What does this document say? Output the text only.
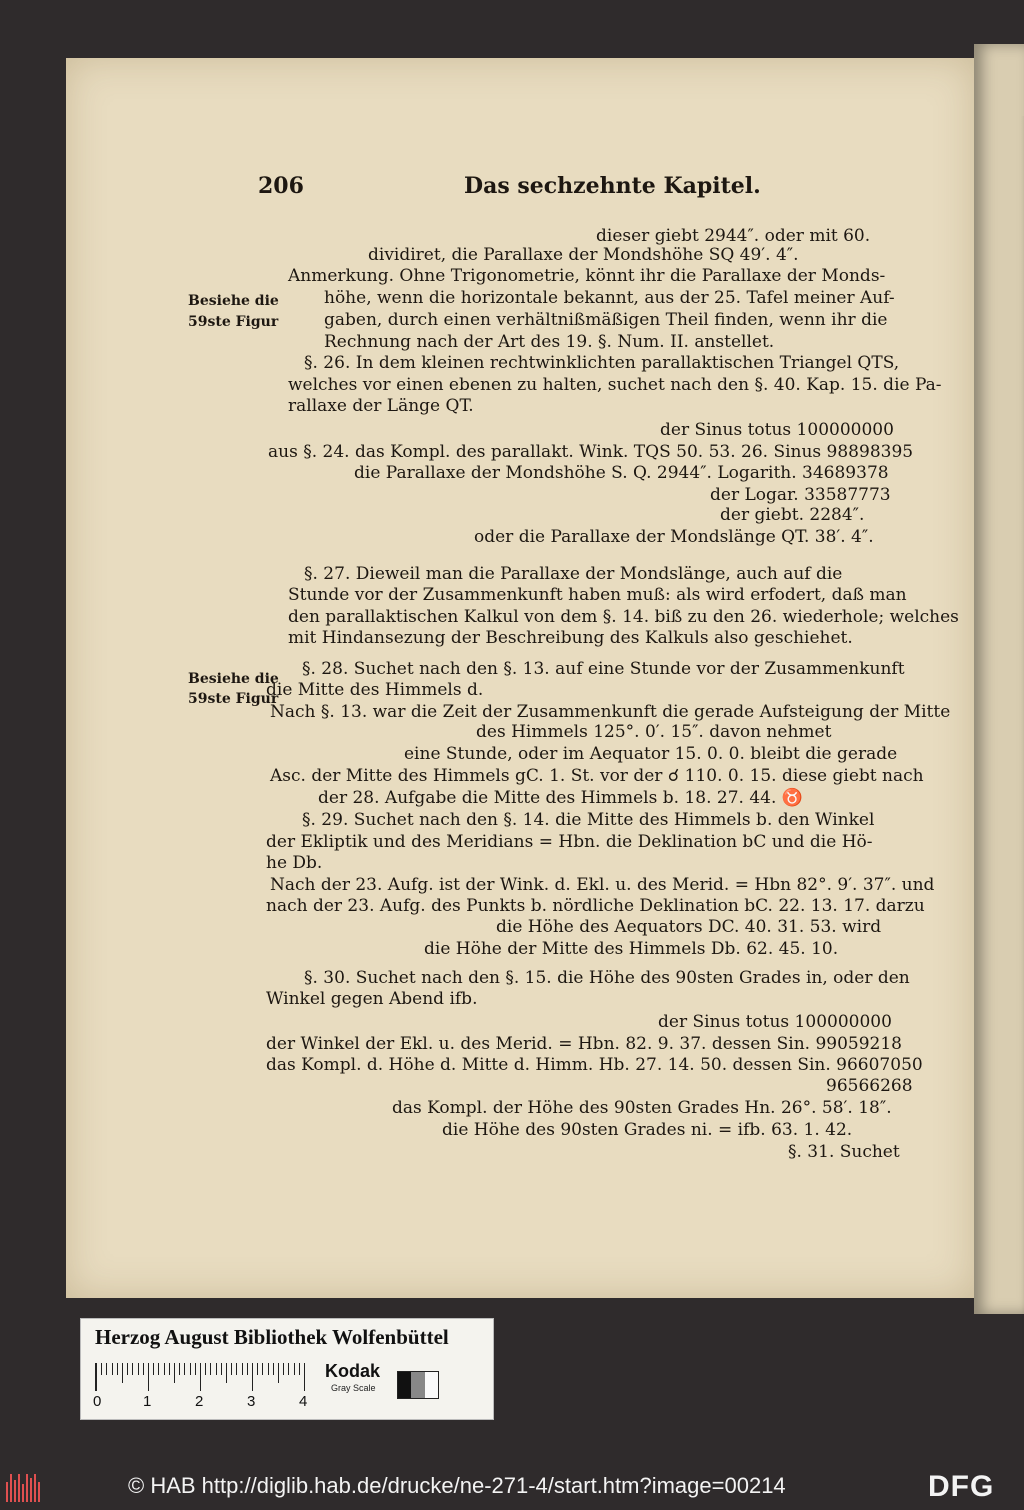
206	Das sechzehnte Kapitel.
Besiehe die
59ste Figur
Besiehe die
59ste Figur
dieser giebt 2944″. oder mit 60.
dividiret, die Parallaxe der Mondshöhe SQ 49′. 4″.
Anmerkung. Ohne Trigonometrie, könnt ihr die Parallaxe der Monds-
höhe, wenn die horizontale bekannt, aus der 25. Tafel meiner Auf-
gaben, durch einen verhältnißmäßigen Theil finden, wenn ihr die
Rechnung nach der Art des 19. §. Num. II. anstellet.
§. 26. In dem kleinen rechtwinklichten parallaktischen Triangel QTS,
welches vor einen ebenen zu halten, suchet nach den §. 40. Kap. 15. die Pa-
rallaxe der Länge QT.
der Sinus totus 100000000
aus §. 24. das Kompl. des parallakt. Wink. TQS 50. 53. 26. Sinus 98898395
die Parallaxe der Mondshöhe S. Q. 2944″. Logarith. 34689378
der Logar. 33587773
der giebt. 2284″.
oder die Parallaxe der Mondslänge QT. 38′. 4″.
§. 27. Dieweil man die Parallaxe der Mondslänge, auch auf die
Stunde vor der Zusammenkunft haben muß: als wird erfodert, daß man
den parallaktischen Kalkul von dem §. 14. biß zu den 26. wiederhole; welches
mit Hindansezung der Beschreibung des Kalkuls also geschiehet.
§. 28. Suchet nach den §. 13. auf eine Stunde vor der Zusammenkunft
die Mitte des Himmels d.
Nach §. 13. war die Zeit der Zusammenkunft die gerade Aufsteigung der Mitte
des Himmels 125°. 0′. 15″. davon nehmet
eine Stunde, oder im Aequator 15. 0. 0. bleibt die gerade
Asc. der Mitte des Himmels gC. 1. St. vor der ☌ 110. 0. 15. diese giebt nach
der 28. Aufgabe die Mitte des Himmels b. 18. 27. 44. ♉
§. 29. Suchet nach den §. 14. die Mitte des Himmels b. den Winkel
der Ekliptik und des Meridians = Hbn. die Deklination bC und die Hö-
he Db.
Nach der 23. Aufg. ist der Wink. d. Ekl. u. des Merid. = Hbn 82°. 9′. 37″. und
nach der 23. Aufg. des Punkts b. nördliche Deklination bC. 22. 13. 17. darzu
die Höhe des Aequators DC. 40. 31. 53. wird
die Höhe der Mitte des Himmels Db. 62. 45. 10.
§. 30. Suchet nach den §. 15. die Höhe des 90sten Grades in, oder den
Winkel gegen Abend ifb.
der Sinus totus 100000000
der Winkel der Ekl. u. des Merid. = Hbn. 82. 9. 37. dessen Sin. 99059218
das Kompl. d. Höhe d. Mitte d. Himm. Hb. 27. 14. 50. dessen Sin. 96607050
96566268
das Kompl. der Höhe des 90sten Grades Hn. 26°. 58′. 18″.
die Höhe des 90sten Grades ni. = ifb. 63. 1. 42.
§. 31. Suchet
Herzog August Bibliothek Wolfenbüttel
0	1	2	3	4
Kodak
Gray Scale
© HAB http://diglib.hab.de/drucke/ne-271-4/start.htm?image=00214	DFG
